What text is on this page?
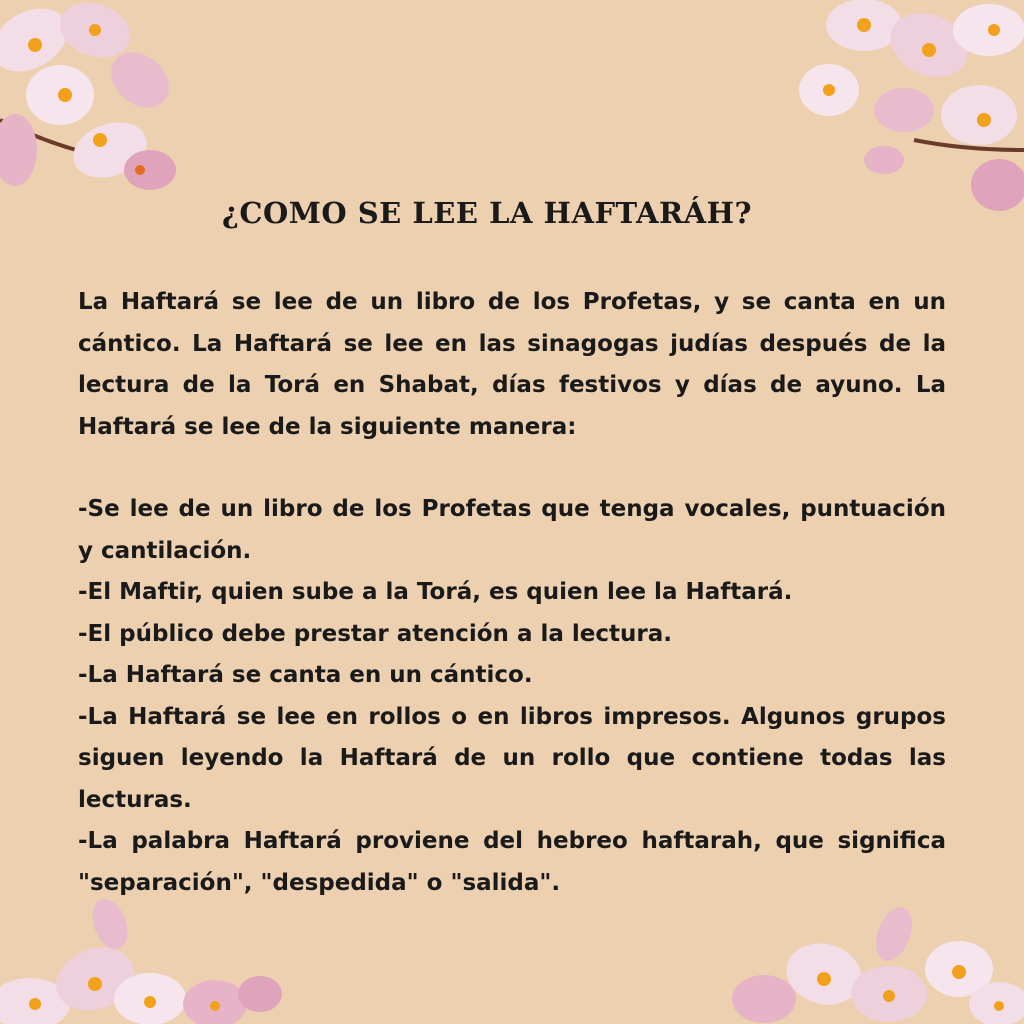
¿COMO SE LEE LA HAFTARÁH?

La Haftará se lee de un libro de los Profetas, y se canta en un cántico. La Haftará se lee en las sinagogas judías después de la lectura de la Torá en Shabat, días festivos y días de ayuno. La Haftará se lee de la siguiente manera:

-Se lee de un libro de los Profetas que tenga vocales, puntuación y cantilación.

-El Maftir, quien sube a la Torá, es quien lee la Haftará.

-El público debe prestar atención a la lectura.

-La Haftará se canta en un cántico.

-La Haftará se lee en rollos o en libros impresos. Algunos grupos siguen leyendo la Haftará de un rollo que contiene todas las lecturas.

-La palabra Haftará proviene del hebreo haftarah, que significa "separación", "despedida" o "salida".
